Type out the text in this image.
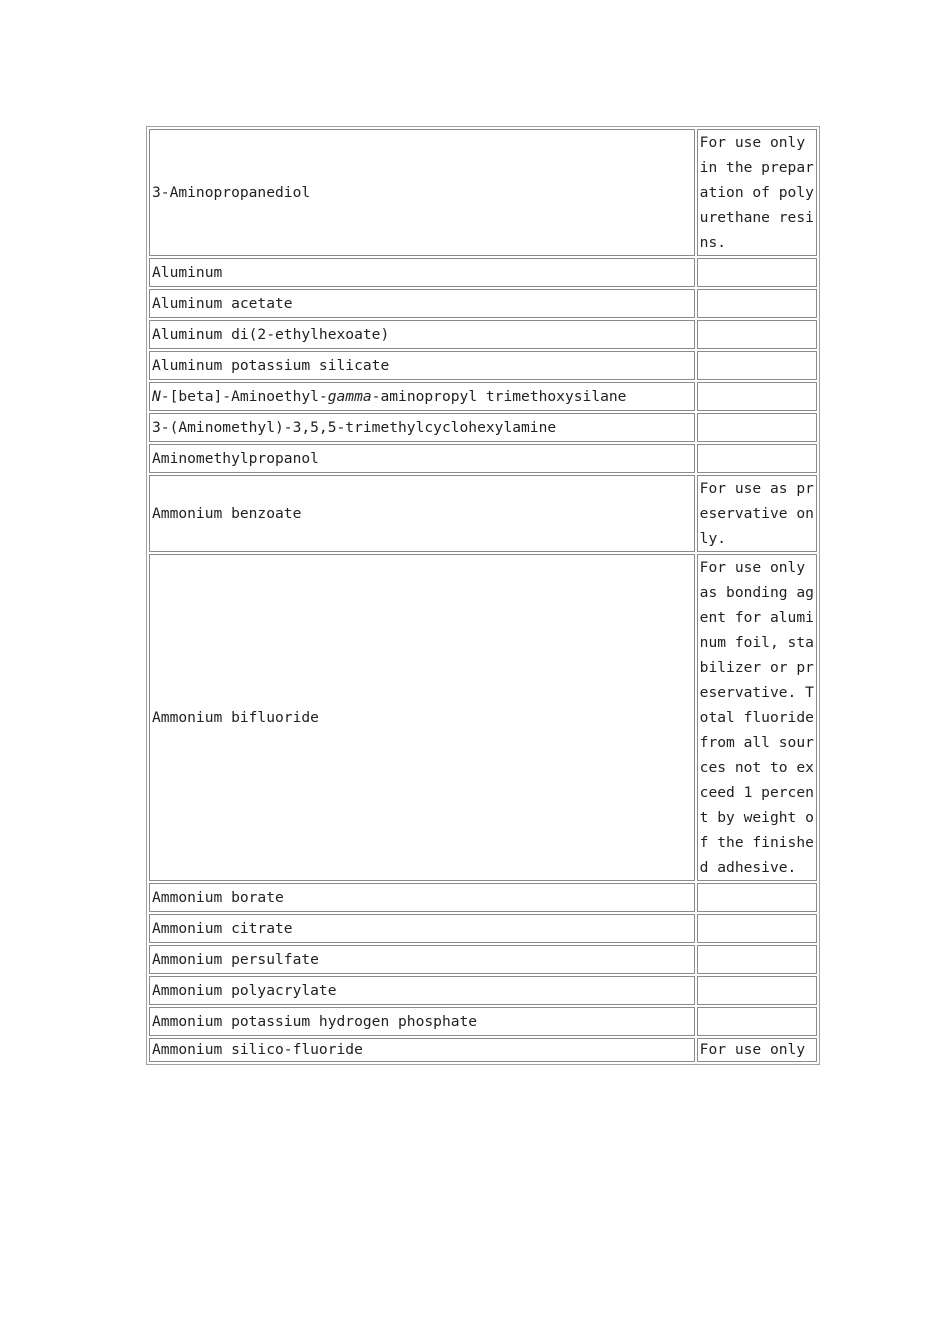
3-Aminopropanediol	For use only in the preparation of polyurethane resins.
Aluminum	
Aluminum acetate	
Aluminum di(2-ethylhexoate)	
Aluminum potassium silicate	
N-[beta]-Aminoethyl-gamma-aminopropyl trimethoxysilane	
3-(Aminomethyl)-3,5,5-trimethylcyclohexylamine	
Aminomethylpropanol	
Ammonium benzoate	For use as preservative only.
Ammonium bifluoride	For use only as bonding agent for aluminum foil, stabilizer or preservative. Total fluoride from all sources not to exceed 1 percent by weight of the finished adhesive.
Ammonium borate	
Ammonium citrate	
Ammonium persulfate	
Ammonium polyacrylate	
Ammonium potassium hydrogen phosphate	
Ammonium silico-fluoride	For use only
